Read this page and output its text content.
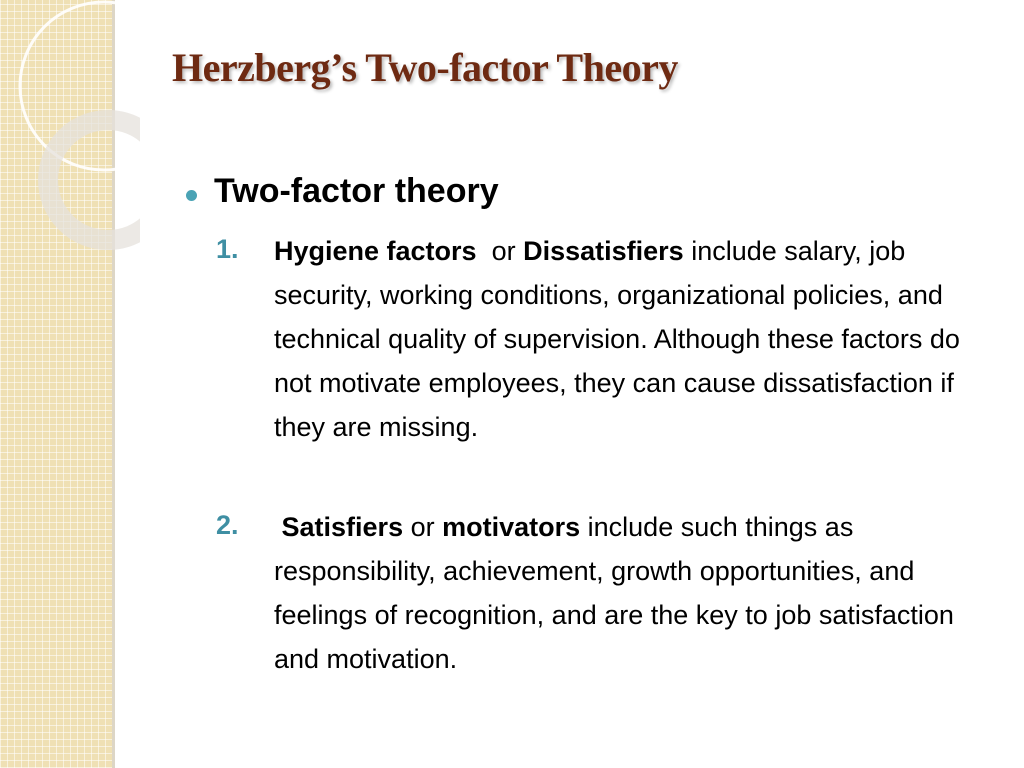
Herzberg’s Two-factor Theory
Two-factor theory
1. Hygiene factors  or Dissatisfiers include salary, job security, working conditions, organizational policies, and technical quality of supervision. Although these factors do not motivate employees, they can cause dissatisfaction if they are missing.
2. Satisfiers or motivators include such things as responsibility, achievement, growth opportunities, and feelings of recognition, and are the key to job satisfaction and motivation.
